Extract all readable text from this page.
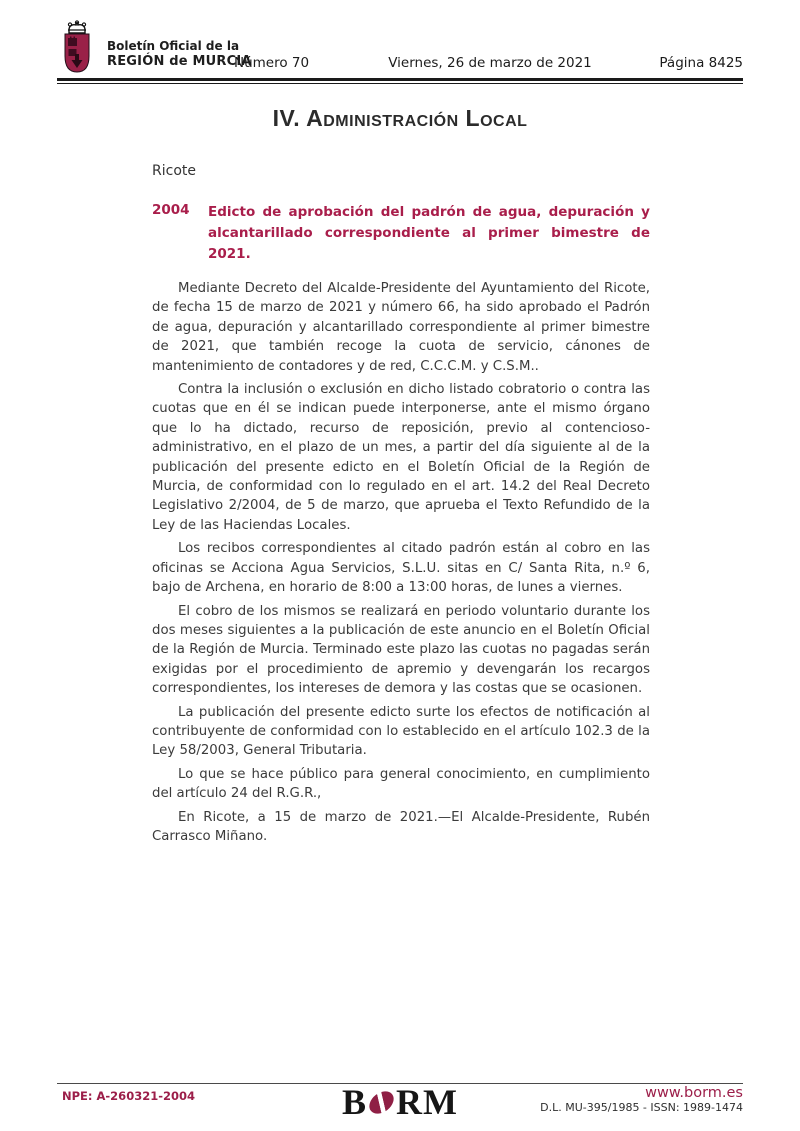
Boletín Oficial de la
REGIÓN de MURCIA
Número 70	Viernes, 26 de marzo de 2021	Página 8425
IV. Administración Local
Ricote
2004	Edicto de aprobación del padrón de agua, depuración y alcantarillado correspondiente al primer bimestre de 2021.

Mediante Decreto del Alcalde-Presidente del Ayuntamiento del Ricote, de fecha 15 de marzo de 2021 y número 66, ha sido aprobado el Padrón de agua, depuración y alcantarillado correspondiente al primer bimestre de 2021, que también recoge la cuota de servicio, cánones de mantenimiento de contadores y de red, C.C.C.M. y C.S.M..

Contra la inclusión o exclusión en dicho listado cobratorio o contra las cuotas que en él se indican puede interponerse, ante el mismo órgano que lo ha dictado, recurso de reposición, previo al contencioso-administrativo, en el plazo de un mes, a partir del día siguiente al de la publicación del presente edicto en el Boletín Oficial de la Región de Murcia, de conformidad con lo regulado en el art. 14.2 del Real Decreto Legislativo 2/2004, de 5 de marzo, que aprueba el Texto Refundido de la Ley de las Haciendas Locales.

Los recibos correspondientes al citado padrón están al cobro en las oficinas se Acciona Agua Servicios, S.L.U. sitas en C/ Santa Rita, n.º 6, bajo de Archena, en horario de 8:00 a 13:00 horas, de lunes a viernes.

El cobro de los mismos se realizará en periodo voluntario durante los dos meses siguientes a la publicación de este anuncio en el Boletín Oficial de la Región de Murcia. Terminado este plazo las cuotas no pagadas serán exigidas por el procedimiento de apremio y devengarán los recargos correspondientes, los intereses de demora y las costas que se ocasionen.

La publicación del presente edicto surte los efectos de notificación al contribuyente de conformidad con lo establecido en el artículo 102.3 de la Ley 58/2003, General Tributaria.

Lo que se hace público para general conocimiento, en cumplimiento del artículo 24 del R.G.R.,

En Ricote, a 15 de marzo de 2021.—El Alcalde-Presidente, Rubén Carrasco Miñano.

NPE: A-260321-2004	B RM	www.borm.es
D.L. MU-395/1985 - ISSN: 1989-1474
